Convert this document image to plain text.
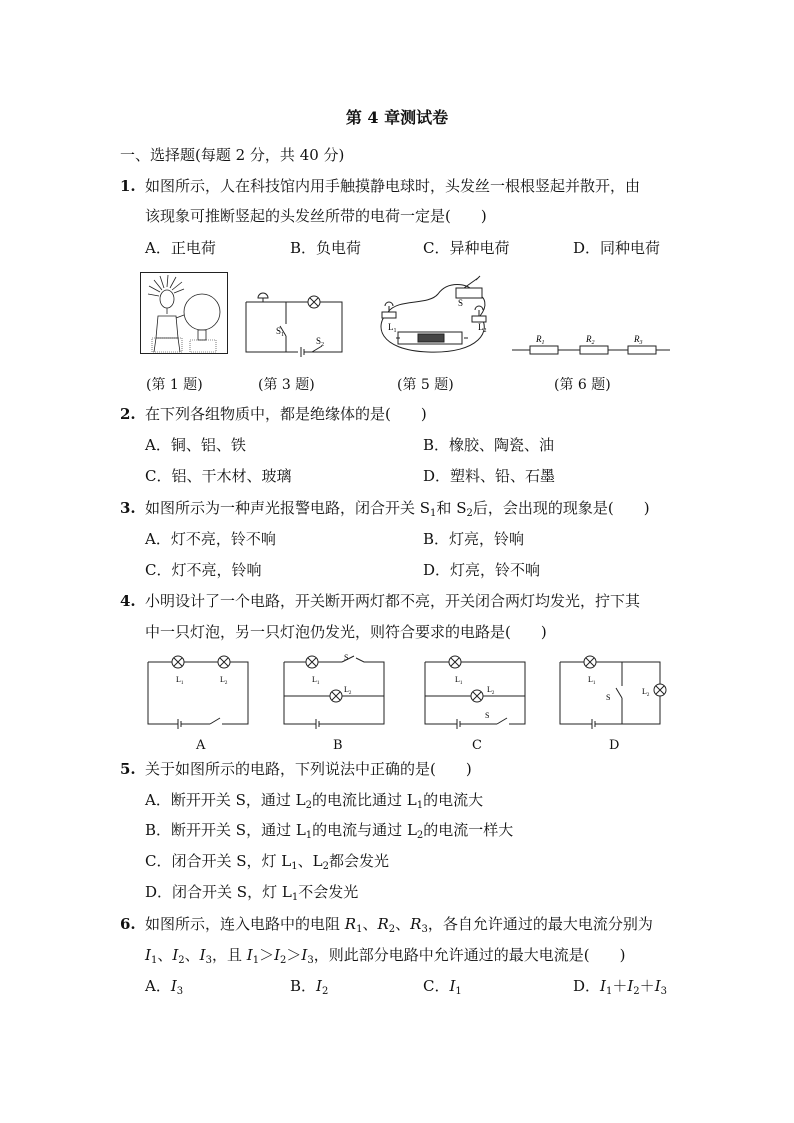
第 4 章测试卷
一、选择题(每题 2 分，共 40 分)
1. 如图所示，人在科技馆内用手触摸静电球时，头发丝一根根竖起并散开，由
该现象可推断竖起的头发丝所带的电荷一定是(　　)
A．正电荷	B．负电荷	C．异种电荷	D．同种电荷
$S_1$
$S_2$
S
$L_1$	$L_2$
$R_1$	$R_2$	$R_3$
(第 1 题)	(第 3 题)	(第 5 题)	(第 6 题)
2. 在下列各组物质中，都是绝缘体的是(　　)
A．铜、铝、铁	B．橡胶、陶瓷、油
C．铝、干木材、玻璃	D．塑料、铅、石墨
3. 如图所示为一种声光报警电路，闭合开关 $S_1$和 $S_2$后，会出现的现象是(　　)
A．灯不亮，铃不响	B．灯亮，铃响
C．灯不亮，铃响	D．灯亮，铃不响
4. 小明设计了一个电路，开关断开两灯都不亮，开关闭合两灯均发光，拧下其
中一只灯泡，另一只灯泡仍发光，则符合要求的电路是(　　)
$L_1$	$L_2$
A
S
$L_1$
$L_2$
B
S
$L_1$
$L_2$
C
S
$L_1$
$L_2$
D
5. 关于如图所示的电路，下列说法中正确的是(　　)
A．断开开关 S，通过 $L_2$的电流比通过 $L_1$的电流大
B．断开开关 S，通过 $L_1$的电流与通过 $L_2$的电流一样大
C．闭合开关 S，灯 $L_1$、$L_2$都会发光
D．闭合开关 S，灯 $L_1$不会发光
6. 如图所示，连入电路中的电阻 $R_1$、$R_2$、$R_3$，各自允许通过的最大电流分别为
$I_1$、$I_2$、$I_3$，且 $I_1>I_2>I_3$，则此部分电路中允许通过的最大电流是(　　)
A．$I_3$	B．$I_2$	C．$I_1$	D．$I_1+I_2+I_3$
